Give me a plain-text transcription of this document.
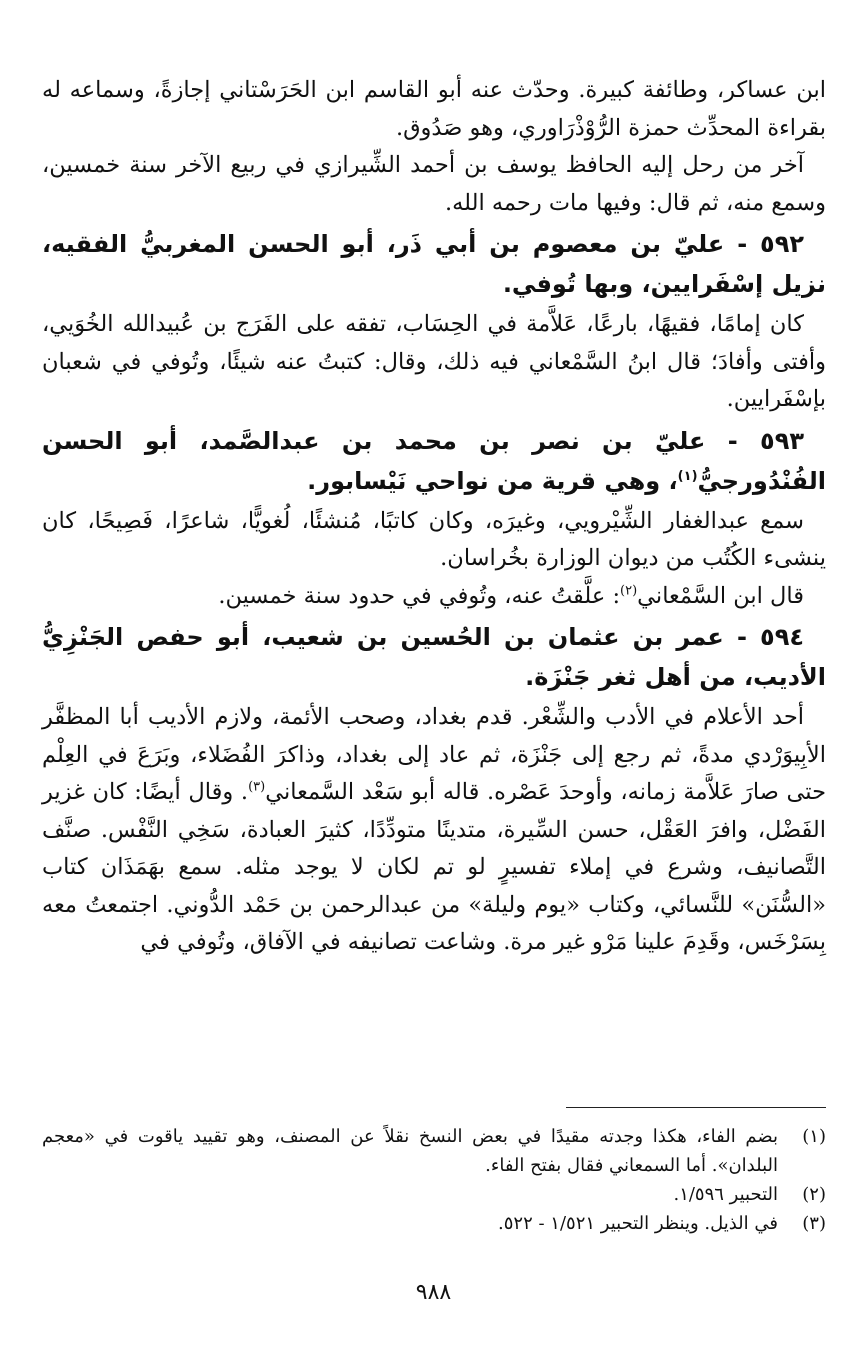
ابن عساكر، وطائفة كبيرة. وحدّث عنه أبو القاسم ابن الحَرَسْتاني إجازةً، وسماعه له بقراءة المحدِّث حمزة الرُّوْذْرَاوري، وهو صَدُوق.

آخر من رحل إليه الحافظ يوسف بن أحمد الشِّيرازي في ربيع الآخر سنة خمسين، وسمع منه، ثم قال: وفيها مات رحمه الله.

٥٩٢ - عليّ بن معصوم بن أبي ذَر، أبو الحسن المغربيُّ الفقيه، نزيل إسْفَرايين، وبها تُوفي.

كان إمامًا، فقيهًا، بارعًا، عَلاَّمة في الحِسَاب، تفقه على الفَرَج بن عُبيدالله الخُوَيي، وأفتى وأفادَ؛ قال ابنُ السَّمْعاني فيه ذلك، وقال: كتبتُ عنه شيئًا، وتُوفي في شعبان بإسْفَرايين.

٥٩٣ - عليّ بن نصر بن محمد بن عبدالصَّمد، أبو الحسن الفُنْدُورجيُّ$^{(١)}$، وهي قرية من نواحي نَيْسابور.

سمع عبدالغفار الشِّيْرويي، وغيرَه، وكان كاتبًا، مُنشئًا، لُغويًّا، شاعرًا، فَصِيحًا، كان ينشىء الكُتُب من ديوان الوزارة بخُراسان.

قال ابن السَّمْعاني$^{(٢)}$: علَّقتُ عنه، وتُوفي في حدود سنة خمسين.

٥٩٤ - عمر بن عثمان بن الحُسين بن شعيب، أبو حفص الجَنْزِيُّ الأديب، من أهل ثغر جَنْزَة.

أحد الأعلام في الأدب والشِّعْر. قدم بغداد، وصحب الأئمة، ولازم الأديب أبا المظفَّر الأبِيوَرْدي مدةً، ثم رجع إلى جَنْزَة، ثم عاد إلى بغداد، وذاكرَ الفُضَلاء، وبَرَعَ في العِلْم حتى صارَ عَلاَّمة زمانه، وأوحدَ عَصْره. قاله أبو سَعْد السَّمعاني$^{(٣)}$. وقال أيضًا: كان غزير الفَضْل، وافرَ العَقْل، حسن السِّيرة، متدينًا متودِّدًا، كثيرَ العبادة، سَخِي النَّفْس. صنَّف التَّصانيف، وشرع في إملاء تفسيرٍ لو تم لكان لا يوجد مثله. سمع بهَمَذَان كتاب «السُّنَن» للنَّسائي، وكتاب «يوم وليلة» من عبدالرحمن بن حَمْد الدُّوني. اجتمعتُ معه بِسَرْخَس، وقَدِمَ علينا مَرْو غير مرة. وشاعت تصانيفه في الآفاق، وتُوفي في

(١)
بضم الفاء، هكذا وجدته مقيدًا في بعض النسخ نقلاً عن المصنف، وهو تقييد ياقوت في «معجم البلدان». أما السمعاني فقال بفتح الفاء.
(٢)
التحبير ١/٥٩٦.
(٣)
في الذيل. وينظر التحبير ١/٥٢١ - ٥٢٢.
٩٨٨
